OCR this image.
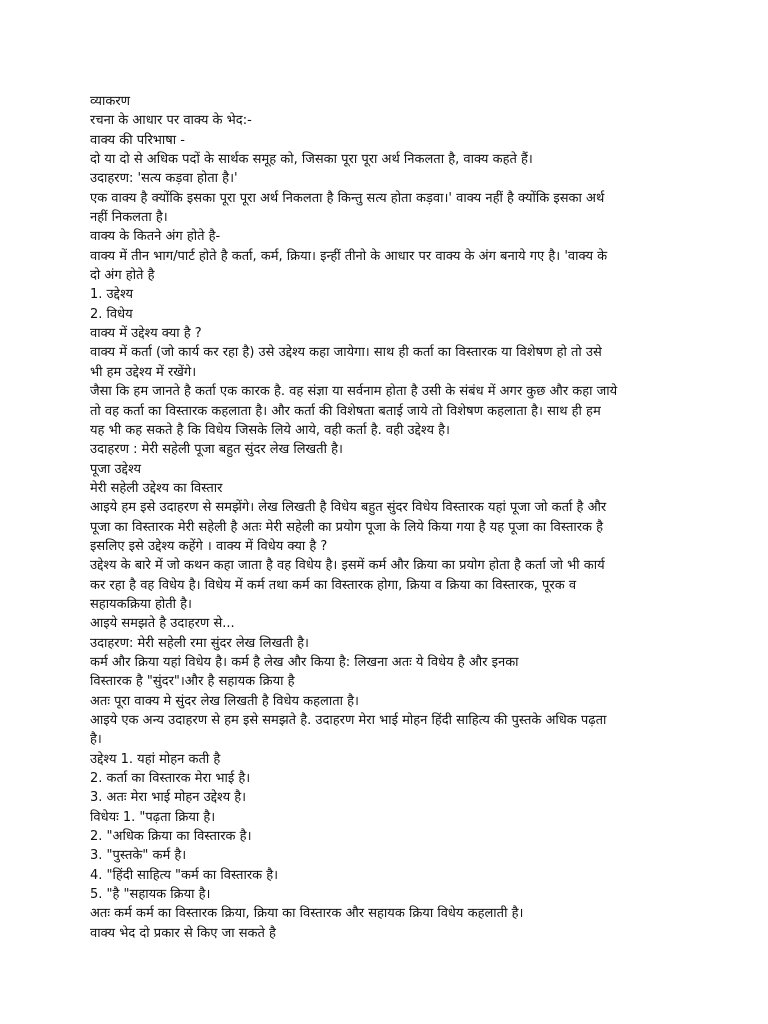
व्याकरण
रचना के आधार पर वाक्य के भेद:-
वाक्य की परिभाषा -
दो या दो से अधिक पदों के सार्थक समूह को, जिसका पूरा पूरा अर्थ निकलता है, वाक्य कहते हैं।
उदाहरण: 'सत्य कड़वा होता है।'
एक वाक्य है क्योंकि इसका पूरा पूरा अर्थ निकलता है किन्तु सत्य होता कड़वा।' वाक्य नहीं है क्योंकि इसका अर्थ
नहीं निकलता है।
वाक्य के कितने अंग होते है-
वाक्य में तीन भाग/पार्ट होते है कर्ता, कर्म, क्रिया। इन्हीं तीनो के आधार पर वाक्य के अंग बनाये गए है। 'वाक्य के
दो अंग होते है
1. उद्देश्य
2. विधेय
वाक्य में उद्देश्य क्या है ?
वाक्य में कर्ता (जो कार्य कर रहा है) उसे उद्देश्य कहा जायेगा। साथ ही कर्ता का विस्तारक या विशेषण हो तो उसे
भी हम उद्देश्य में रखेंगे।
जैसा कि हम जानते है कर्ता एक कारक है. वह संज्ञा या सर्वनाम होता है उसी के संबंध में अगर कुछ और कहा जाये
तो वह कर्ता का विस्तारक कहलाता है। और कर्ता की विशेषता बताई जाये तो विशेषण कहलाता है। साथ ही हम
यह भी कह सकते है कि विधेय जिसके लिये आये, वही कर्ता है. वही उद्देश्य है।
उदाहरण : मेरी सहेली पूजा बहुत सुंदर लेख लिखती है।
पूजा उद्देश्य
मेरी सहेली उद्देश्य का विस्तार
आइये हम इसे उदाहरण से समझेंगे। लेख लिखती है विधेय बहुत सुंदर विधेय विस्तारक यहां पूजा जो कर्ता है और
पूजा का विस्तारक मेरी सहेली है अतः मेरी सहेली का प्रयोग पूजा के लिये किया गया है यह पूजा का विस्तारक है
इसलिए इसे उद्देश्य कहेंगे । वाक्य में विधेय क्या है ?
उद्देश्य के बारे में जो कथन कहा जाता है वह विधेय है। इसमें कर्म और क्रिया का प्रयोग होता है कर्ता जो भी कार्य
कर रहा है वह विधेय है। विधेय में कर्म तथा कर्म का विस्तारक होगा, क्रिया व क्रिया का विस्तारक, पूरक व
सहायकक्रिया होती है।
आइये समझते है उदाहरण से...
उदाहरण: मेरी सहेली रमा सुंदर लेख लिखती है।
कर्म और क्रिया यहां विधेय है। कर्म है लेख और किया है: लिखना अतः ये विधेय है और इनका
विस्तारक है "सुंदर"।और है सहायक क्रिया है
अतः पूरा वाक्य मे सुंदर लेख लिखती है विधेय कहलाता है।
आइये एक अन्य उदाहरण से हम इसे समझते है. उदाहरण मेरा भाई मोहन हिंदी साहित्य की पुस्तके अधिक पढ़ता
है।
उद्देश्य 1. यहां मोहन कती है
2. कर्ता का विस्तारक मेरा भाई है।
3. अतः मेरा भाई मोहन उद्देश्य है।
विधेयः 1. "पढ़ता क्रिया है।
2. "अधिक क्रिया का विस्तारक है।
3. "पुस्तके" कर्म है।
4. "हिंदी साहित्य "कर्म का विस्तारक है।
5. "है "सहायक क्रिया है।
अतः कर्म कर्म का विस्तारक क्रिया, क्रिया का विस्तारक और सहायक क्रिया विधेय कहलाती है।
वाक्य भेद दो प्रकार से किए जा सकते है
